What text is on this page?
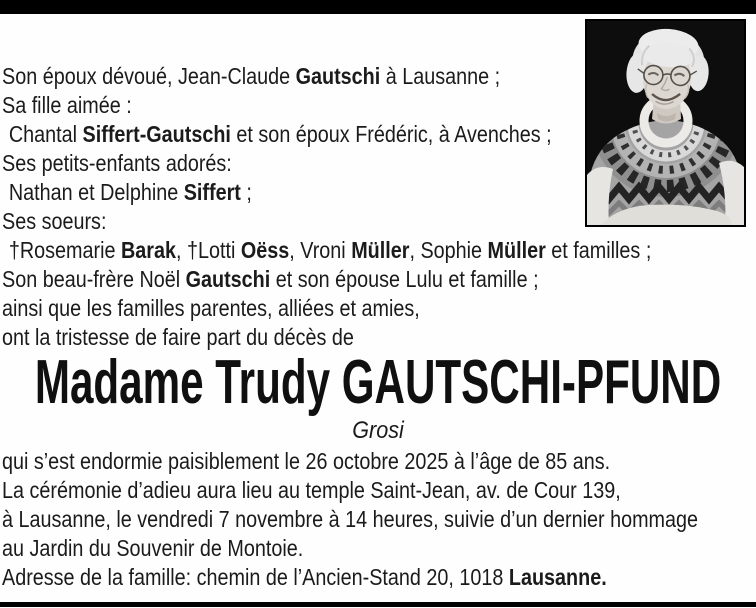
Son époux dévoué, Jean-Claude Gautschi à Lausanne ;

Sa fille aimée :

Chantal Siffert-Gautschi et son époux Frédéric, à Avenches ;

Ses petits-enfants adorés:

Nathan et Delphine Siffert ;

Ses soeurs:

†Rosemarie Barak, †Lotti Oëss, Vroni Müller, Sophie Müller et familles ;

Son beau-frère Noël Gautschi et son épouse Lulu et famille ;

ainsi que les familles parentes, alliées et amies,

ont la tristesse de faire part du décès de

Madame Trudy GAUTSCHI-PFUND
Grosi

qui s’est endormie paisiblement le 26 octobre 2025 à l’âge de 85 ans.

La cérémonie d’adieu aura lieu au temple Saint-Jean, av. de Cour 139,

à Lausanne, le vendredi 7 novembre à 14 heures, suivie d’un dernier hommage

au Jardin du Souvenir de Montoie.

Adresse de la famille: chemin de l’Ancien-Stand 20, 1018 Lausanne.
